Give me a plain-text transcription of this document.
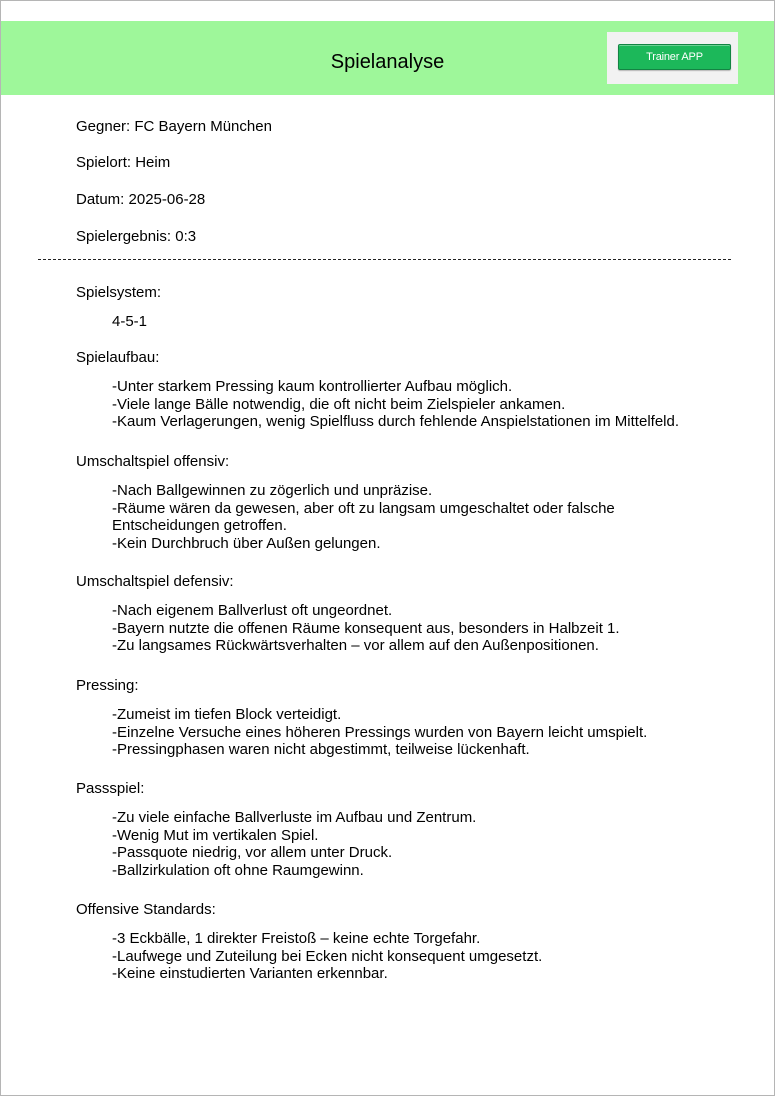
Spielanalyse	Trainer APP
Gegner: FC Bayern München
Spielort: Heim
Datum: 2025-06-28
Spielergebnis: 0:3
Spielsystem:
4-5-1
Spielaufbau:
-Unter starkem Pressing kaum kontrollierter Aufbau möglich.
-Viele lange Bälle notwendig, die oft nicht beim Zielspieler ankamen.
-Kaum Verlagerungen, wenig Spielfluss durch fehlende Anspielstationen im Mittelfeld.
Umschaltspiel offensiv:
-Nach Ballgewinnen zu zögerlich und unpräzise.
-Räume wären da gewesen, aber oft zu langsam umgeschaltet oder falsche
Entscheidungen getroffen.
-Kein Durchbruch über Außen gelungen.
Umschaltspiel defensiv:
-Nach eigenem Ballverlust oft ungeordnet.
-Bayern nutzte die offenen Räume konsequent aus, besonders in Halbzeit 1.
-Zu langsames Rückwärtsverhalten – vor allem auf den Außenpositionen.
Pressing:
-Zumeist im tiefen Block verteidigt.
-Einzelne Versuche eines höheren Pressings wurden von Bayern leicht umspielt.
-Pressingphasen waren nicht abgestimmt, teilweise lückenhaft.
Passspiel:
-Zu viele einfache Ballverluste im Aufbau und Zentrum.
-Wenig Mut im vertikalen Spiel.
-Passquote niedrig, vor allem unter Druck.
-Ballzirkulation oft ohne Raumgewinn.
Offensive Standards:
-3 Eckbälle, 1 direkter Freistoß – keine echte Torgefahr.
-Laufwege und Zuteilung bei Ecken nicht konsequent umgesetzt.
-Keine einstudierten Varianten erkennbar.
